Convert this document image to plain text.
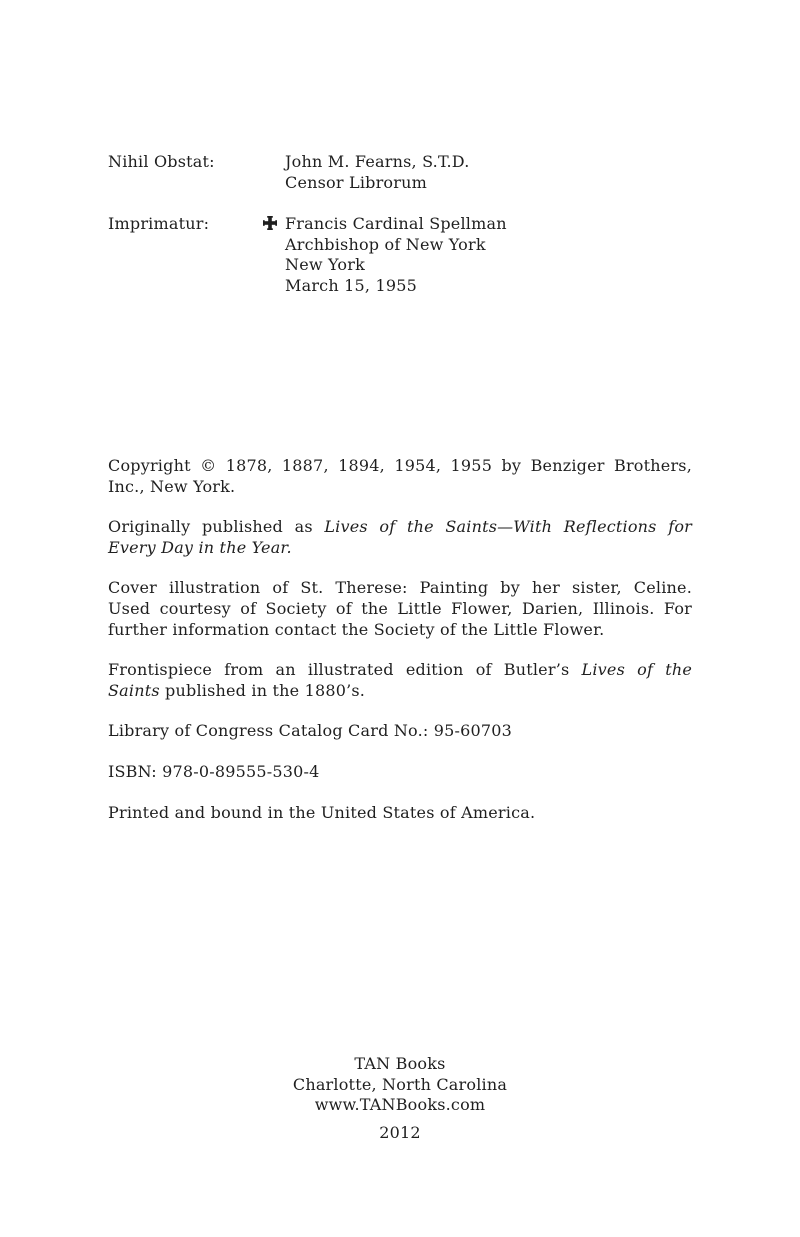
Nihil Obstat:	John M. Fearns, S.T.D.
Censor Librorum
Imprimatur:	Francis Cardinal Spellman
Archbishop of New York
New York
March 15, 1955

Copyright © 1878, 1887, 1894, 1954, 1955 by Benziger Brothers,
Inc., New York.

Originally published as Lives of the Saints—With Reflections for
Every Day in the Year.

Cover illustration of St. Therese: Painting by her sister, Celine.
Used courtesy of Society of the Little Flower, Darien, Illinois. For
further information contact the Society of the Little Flower.

Frontispiece from an illustrated edition of Butler’s Lives of the
Saints published in the 1880’s.

Library of Congress Catalog Card No.: 95-60703

ISBN: 978-0-89555-530-4

Printed and bound in the United States of America.

TAN Books
Charlotte, North Carolina
www.TANBooks.com
2012
